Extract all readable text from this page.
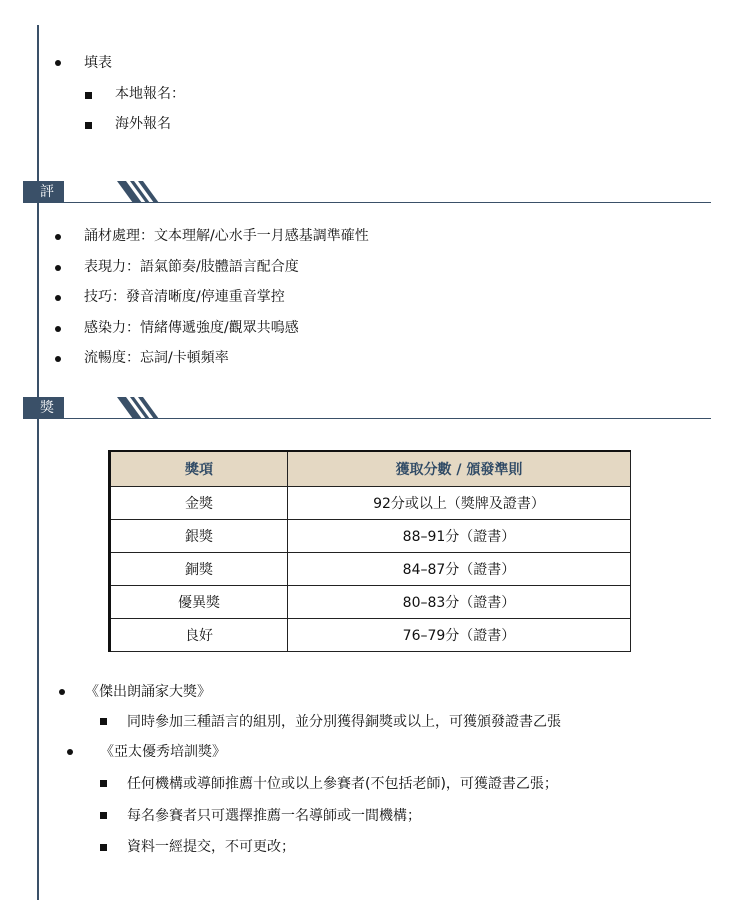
填表
本地報名：
海外報名
評審機制
誦材處理：文本理解/心水手一月感基調準確性
表現力：語氣節奏/肢體語言配合度
技巧：發音清晰度/停連重音掌控
感染力：情緒傳遞強度/觀眾共鳴感
流暢度：忘詞/卡頓頻率
獎項
獎項	獲取分數 / 頒發準則
金獎	92分或以上（獎牌及證書）
銀獎	88–91分（證書）
銅獎	84–87分（證書）
優異獎	80–83分（證書）
良好	76–79分（證書）
《傑出朗誦家大獎》
同時參加三種語言的組別，並分別獲得銅獎或以上，可獲頒發證書乙張
《亞太優秀培訓獎》
任何機構或導師推薦十位或以上參賽者(不包括老師)，可獲證書乙張；
每名參賽者只可選擇推薦一名導師或一間機構；
資料一經提交，不可更改；
